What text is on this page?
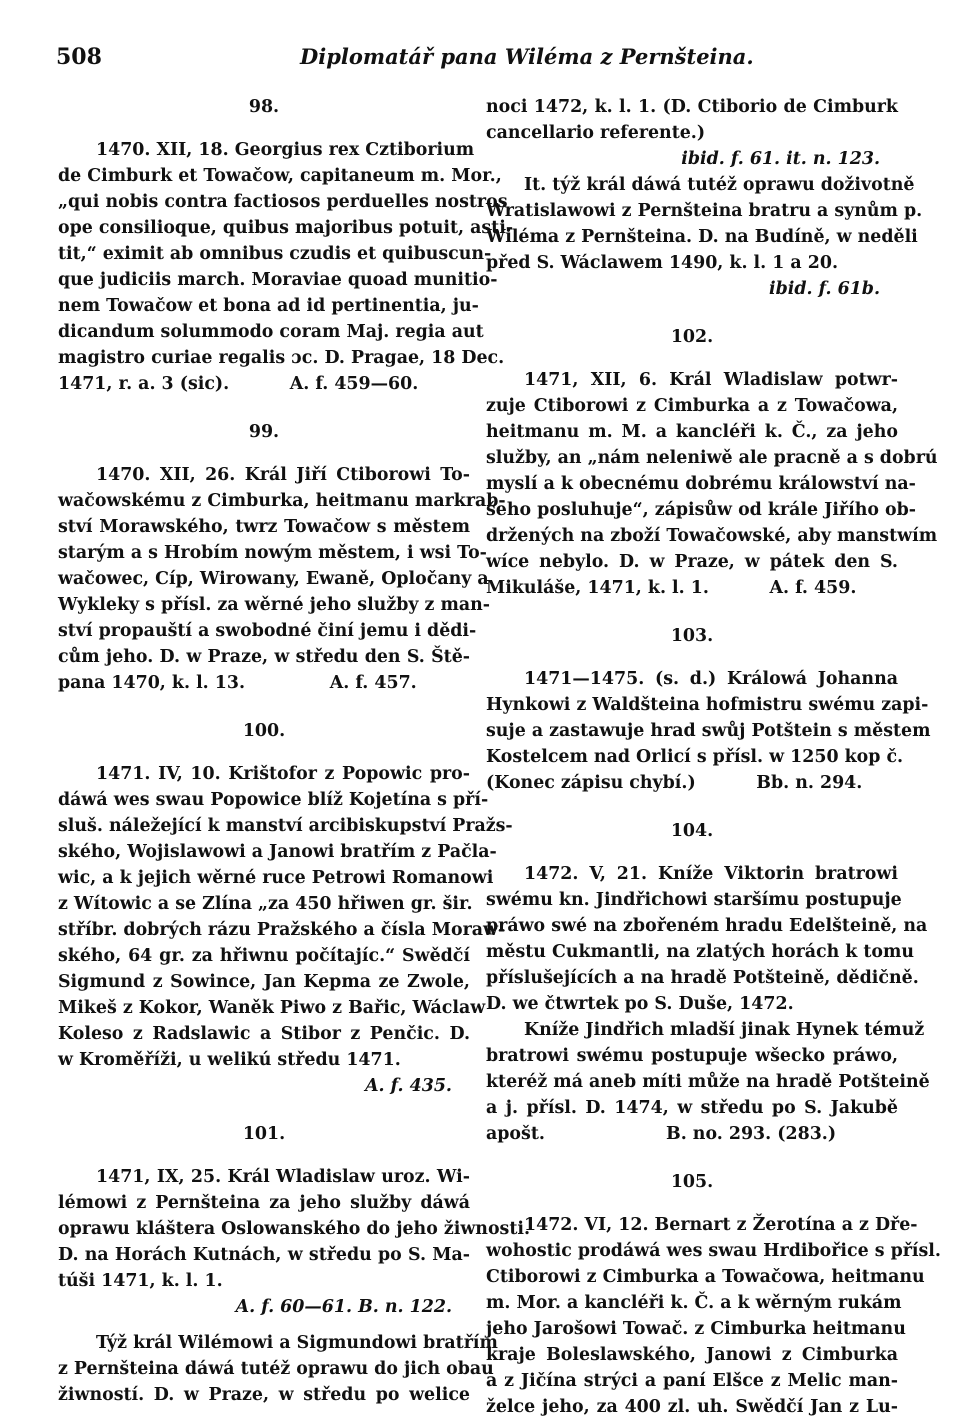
508	Diplomatář pana Wiléma z Pernšteina.
98.
1470. XII, 18. Georgius rex Cztiborium
de Cimburk et Towačow, capitaneum m. Mor.,
„qui nobis contra factiosos perduelles nostros
ope consilioque, quibus majoribus potuit, asti-
tit,“ eximit ab omnibus czudis et quibuscun-
que judiciis march. Moraviae quoad munitio-
nem Towačow et bona ad id pertinentia, ju-
dicandum solummodo coram Maj. regia aut
magistro curiae regalis ɔc. D. Pragae, 18 Dec.
1471, r. a. 3 (sic).          A. f. 459—60.
99.
1470. XII, 26. Král Jiří Ctiborowi To-
wačowskému z Cimburka, heitmanu markrab-
ství Morawského, twrz Towačow s městem
starým a s Hrobím nowým městem, i wsi To-
wačowec, Cíp, Wirowany, Ewaně, Opločany a
Wykleky s přísl. za wěrné jeho služby z man-
ství propauští a swobodné činí jemu i dědi-
cům jeho. D. w Praze, w středu den S. Ště-
pana 1470, k. l. 13.              A. f. 457.
100.
1471. IV, 10. Krištofor z Popowic pro-
dáwá wes swau Popowice blíž Kojetína s pří-
sluš. náležející k manství arcibiskupství Pražs-
ského, Wojislawowi a Janowi bratřím z Pačla-
wic, a k jejich wěrné ruce Petrowi Romanowi
z Wítowic a se Zlína „za 450 hřiwen gr. šir.
stříbr. dobrých rázu Pražského a čísla Moraw-
ského, 64 gr. za hřiwnu počítajíc.“ Swědčí
Sigmund z Sowince, Jan Kepma ze Zwole,
Mikeš z Kokor, Waněk Piwo z Bařic, Wáclaw
Koleso z Radslawic a Stibor z Penčic. D.
w Kroměříži, u welikú středu 1471.
A. f. 435.
101.
1471, IX, 25. Král Wladislaw uroz. Wi-
lémowi z Pernšteina za jeho služby dáwá
oprawu kláštera Oslowanského do jeho žiwnosti.
D. na Horách Kutnách, w středu po S. Ma-
túši 1471, k. l. 1.
A. f. 60—61. B. n. 122.
Týž král Wilémowi a Sigmundowi bratřím
z Pernšteina dáwá tutéž oprawu do jich obau
žiwností. D. w Praze, w středu po welice
noci 1472, k. l. 1. (D. Ctiborio de Cimburk
cancellario referente.)
ibid. f. 61. it. n. 123.
It. týž král dáwá tutéž oprawu doživotně
Wratislawowi z Pernšteina bratru a synům p.
Wiléma z Pernšteina. D. na Budíně, w neděli
před S. Wáclawem 1490, k. l. 1 a 20.
ibid. f. 61b.
102.
1471, XII, 6. Král Wladislaw potwr-
zuje Ctiborowi z Cimburka a z Towačowa,
heitmanu m. M. a kancléři k. Č., za jeho
služby, an „nám neleniwě ale pracně a s dobrú
myslí a k obecnému dobrému králowství na-
šeho posluhuje“, zápisůw od krále Jiřího ob-
držených na zboží Towačowské, aby manstwím
wíce nebylo. D. w Praze, w pátek den S.
Mikuláše, 1471, k. l. 1.          A. f. 459.
103.
1471—1475. (s. d.) Králowá Johanna
Hynkowi z Waldšteina hofmistru swému zapi-
suje a zastawuje hrad swůj Potštein s městem
Kostelcem nad Orlicí s přísl. w 1250 kop č.
(Konec zápisu chybí.)          Bb. n. 294.
104.
1472. V, 21. Kníže Viktorin bratrowi
swému kn. Jindřichowi staršímu postupuje
práwo swé na zbořeném hradu Edelšteině, na
městu Cukmantli, na zlatých horách k tomu
příslušejících a na hradě Potšteině, dědičně.
D. we čtwrtek po S. Duše, 1472.
Kníže Jindřich mladší jinak Hynek témuž
bratrowi swému postupuje wšecko práwo,
kteréž má aneb míti může na hradě Potšteině
a j. přísl. D. 1474, w středu po S. Jakubě
apošt.                    B. no. 293. (283.)
105.
1472. VI, 12. Bernart z Žerotína a z Dře-
wohostic prodáwá wes swau Hrdibořice s přísl.
Ctiborowi z Cimburka a Towačowa, heitmanu
m. Mor. a kancléři k. Č. a k wěrným rukám
jeho Jarošowi Towač. z Cimburka heitmanu
kraje Boleslawského, Janowi z Cimburka
a z Jičína strýci a paní Elšce z Melic man-
želce jeho, za 400 zl. uh. Swědčí Jan z Lu-
